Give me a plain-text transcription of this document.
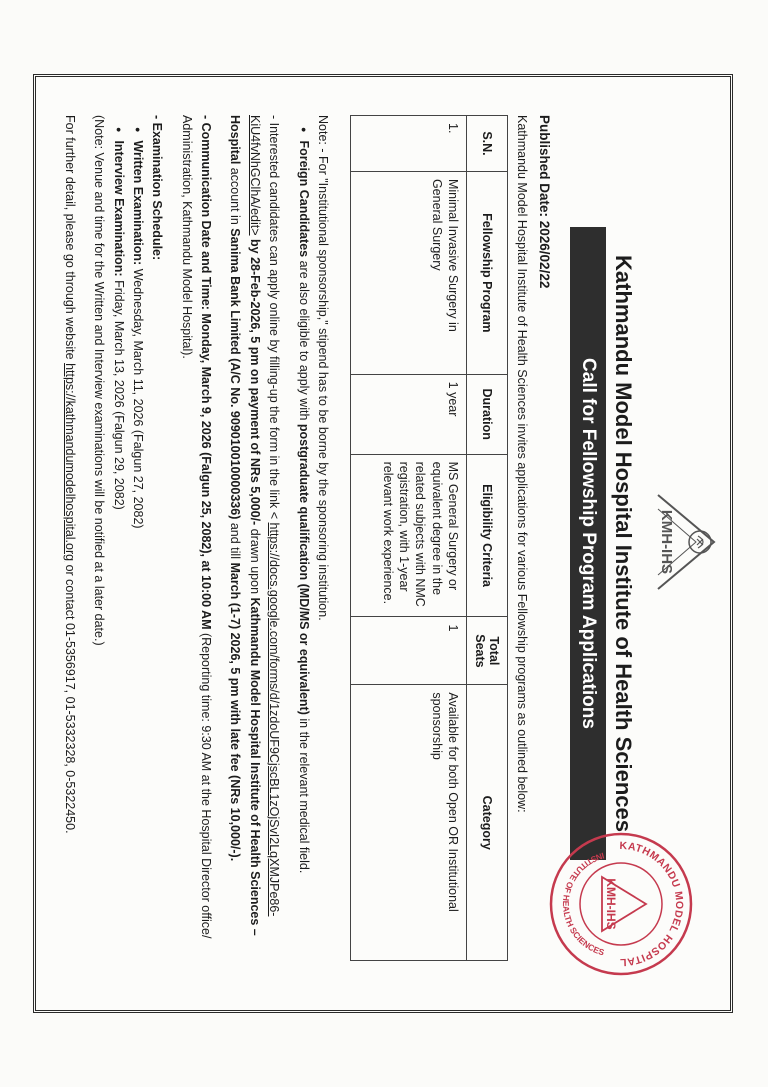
KMH-IHS
Kathmandu Model Hospital Institute of Health Sciences
Call for Fellowship Program Applications
KATHMANDU MODEL HOSPITAL
INSTITUTE OF HEALTH SCIENCES
KMH-IHS

Published Date: 2026/02/22

Kathmandu Model Hospital Institute of Health Sciences invites applications for various Fellowship programs as outlined below:

S.N.	Fellowship Program	Duration	Eligibility Criteria	Total Seats	Category
1.	Minimal Invasive Surgery in General Surgery	1 year	MS General Surgery or equivalent degree in the related subjects with NMC registration, with 1-year relevant work experience.	1	Available for both Open OR Institutional sponsorship

Note: - For "Institutional sponsorship," stipend has to be borne by the sponsoring institution.

● Foreign Candidates are also eligible to apply with postgraduate qualification (MD/MS or equivalent) in the relevant medical field.

- Interested candidates can apply online by filling-up the form in the link < https://docs.google.com/forms/d/1zdoUF9CjscBL1zOjSvI2LqXMJPe86-KiU4fvNhGClhA/edit> by 28-Feb-2026, 5 pm on payment of NRs 5,000/- drawn upon Kathmandu Model Hospital Institute of Health Sciences – Hospital account in Sanima Bank Limited (A/C No. 909010010000336) and till March (1-7) 2026, 5 pm with late fee (NRs 10,000/-).

- Communication Date and Time: Monday, March 9, 2026 (Falgun 25, 2082), at 10:00 AM (Reporting time: 9:30 AM at the Hospital Director office/ Administration, Kathmandu Model Hospital).

- Examination Schedule:

● Written Examination: Wednesday, March 11, 2026 (Falgun 27, 2082)

● Interview Examination: Friday, March 13, 2026 (Falgun 29, 2082)

(Note: Venue and time for the Written and Interview examinations will be notified at a later date.)

For further detail, please go through website https://kathmandumodelhospital.org or contact 01-5356917, 01-5332328, 0-5322450.
